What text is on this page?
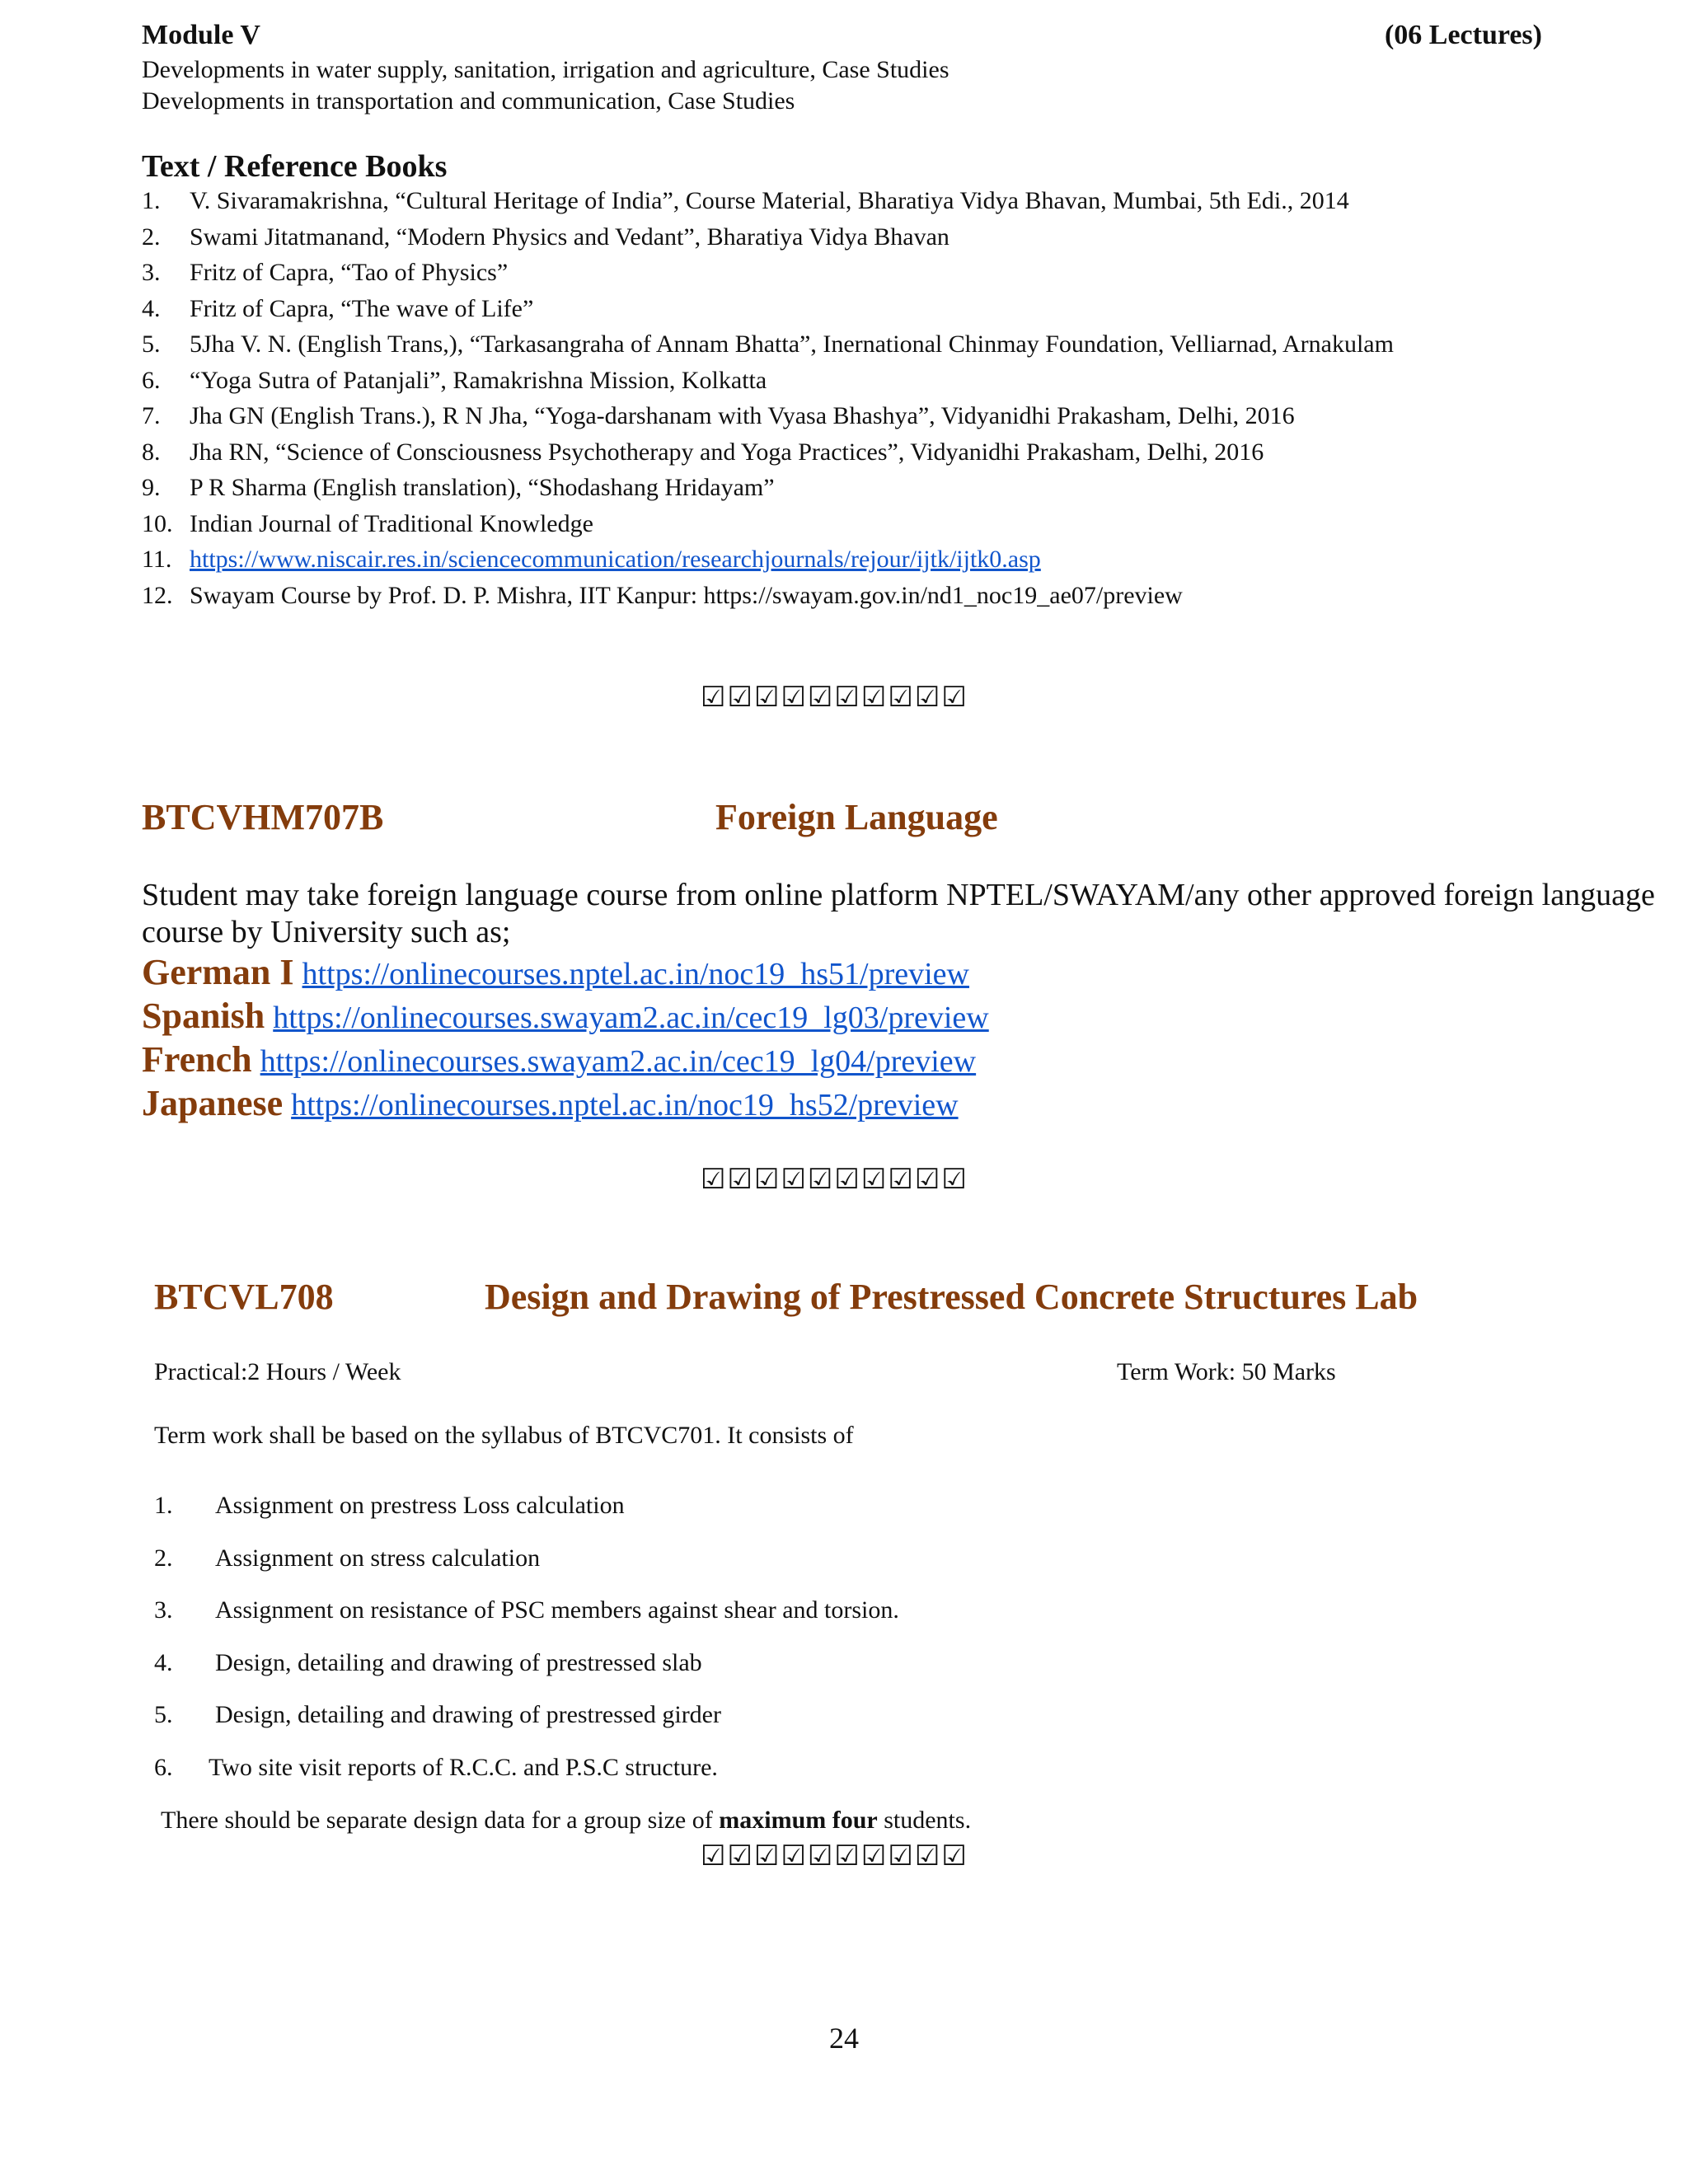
Module V	(06 Lectures)
Developments in water supply, sanitation, irrigation and agriculture, Case Studies
Developments in transportation and communication, Case Studies
Text / Reference Books
1.	V. Sivaramakrishna, “Cultural Heritage of India”, Course Material, Bharatiya Vidya Bhavan, Mumbai, 5th Edi., 2014
2.	Swami Jitatmanand, “Modern Physics and Vedant”, Bharatiya Vidya Bhavan
3.	Fritz of Capra, “Tao of Physics”
4.	Fritz of Capra, “The wave of Life”
5.	5Jha V. N. (English Trans,), “Tarkasangraha of Annam Bhatta”, Inernational Chinmay Foundation, Velliarnad, Arnakulam
6.	“Yoga Sutra of Patanjali”, Ramakrishna Mission, Kolkatta
7.	Jha GN (English Trans.), R N Jha, “Yoga-darshanam with Vyasa Bhashya”, Vidyanidhi Prakasham, Delhi, 2016
8.	Jha RN, “Science of Consciousness Psychotherapy and Yoga Practices”, Vidyanidhi Prakasham, Delhi, 2016
9.	P R Sharma (English translation), “Shodashang Hridayam”
10. Indian Journal of Traditional Knowledge
11. https://www.niscair.res.in/sciencecommunication/researchjournals/rejour/ijtk/ijtk0.asp
12. Swayam Course by Prof. D. P. Mishra, IIT Kanpur: https://swayam.gov.in/nd1_noc19_ae07/preview
☑☑☑☑☑☑☑☑☑☑
BTCVHM707B	Foreign Language
Student may take foreign language course from online platform NPTEL/SWAYAM/any other approved foreign language course by University such as;
German I https://onlinecourses.nptel.ac.in/noc19_hs51/preview
Spanish https://onlinecourses.swayam2.ac.in/cec19_lg03/preview
French https://onlinecourses.swayam2.ac.in/cec19_lg04/preview
Japanese https://onlinecourses.nptel.ac.in/noc19_hs52/preview
☑☑☑☑☑☑☑☑☑☑
BTCVL708	Design and Drawing of Prestressed Concrete Structures Lab
Practical:2 Hours / Week	Term Work: 50 Marks
Term work shall be based on the syllabus of BTCVC701. It consists of
1.	Assignment on prestress Loss calculation
2.	Assignment on stress calculation
3.	Assignment on resistance of PSC members against shear and torsion.
4.	Design, detailing and drawing of prestressed slab
5.	Design, detailing and drawing of prestressed girder
6.	Two site visit reports of R.C.C. and P.S.C structure.
There should be separate design data for a group size of maximum four students.
☑☑☑☑☑☑☑☑☑☑
24
